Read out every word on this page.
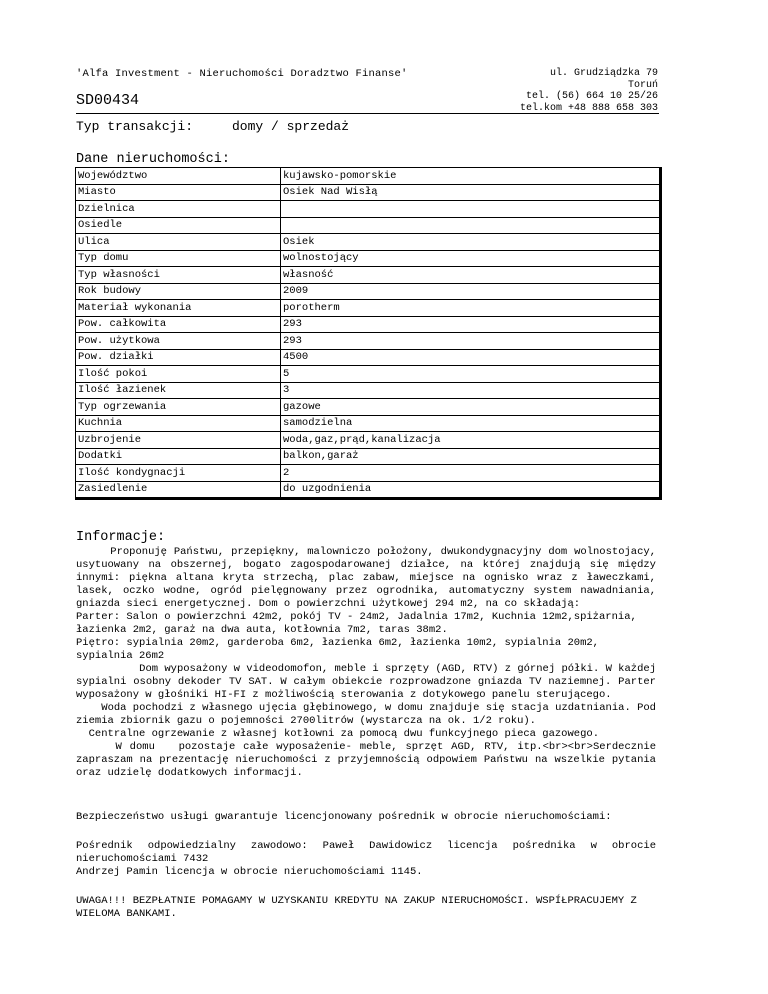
'Alfa Investment - Nieruchomości Doradztwo Finanse'	ul. Grudziądzka 79
Toruń
tel. (56) 664 10 25/26
tel.kom +48 888 658 303
SD00434
Typ transakcji:	domy / sprzedaż
Dane nieruchomości:
Województwo	kujawsko-pomorskie
Miasto	Osiek Nad Wisłą
Dzielnica	
Osiedle	
Ulica	Osiek
Typ domu	wolnostojący
Typ własności	własność
Rok budowy	2009
Materiał wykonania	porotherm
Pow. całkowita	293
Pow. użytkowa	293
Pow. działki	4500
Ilość pokoi	5
Ilość łazienek	3
Typ ogrzewania	gazowe
Kuchnia	samodzielna
Uzbrojenie	woda,gaz,prąd,kanalizacja
Dodatki	balkon,garaż
Ilość kondygnacji	2
Zasiedlenie	do uzgodnienia
Informacje:

Proponuję Państwu, przepiękny, malowniczo położony, dwukondygnacyjny dom wolnostojacy, usytuowany na obszernej, bogato zagospodarowanej działce, na której znajdują się między innymi: piękna altana kryta strzechą, plac zabaw, miejsce na ognisko wraz z ławeczkami, lasek, oczko wodne, ogród pielęgnowany przez ogrodnika, automatyczny system nawadniania, gniazda sieci energetycznej. Dom o powierzchni użytkowej 294 m2, na co składają:

Parter: Salon o powierzchni 42m2, pokój TV - 24m2, Jadalnia 17m2, Kuchnia 12m2,spiżarnia, łazienka 2m2, garaż na dwa auta, kotłownia 7m2, taras 38m2.

Piętro: sypialnia 20m2, garderoba 6m2, łazienka 6m2, łazienka 10m2, sypialnia 20m2, sypialnia 26m2

Dom wyposażony w videodomofon, meble i sprzęty (AGD, RTV) z górnej półki. W każdej sypialni osobny dekoder TV SAT. W całym obiekcie rozprowadzone gniazda TV naziemnej. Parter wyposażony w głośniki HI-FI z możliwością sterowania z dotykowego panelu sterującego.

Woda pochodzi z własnego ujęcia głębinowego, w domu znajduje się stacja uzdatniania. Pod ziemia zbiornik gazu o pojemności 2700litrów (wystarcza na ok. 1/2 roku).

Centralne ogrzewanie z własnej kotłowni za pomocą dwu funkcyjnego pieca gazowego.

W domu   pozostaje całe wyposażenie- meble, sprzęt AGD, RTV, itp.<br><br>Serdecznie zapraszam na prezentację nieruchomości z przyjemnością odpowiem Państwu na wszelkie pytania oraz udzielę dodatkowych informacji.

Bezpieczeństwo usługi gwarantuje licencjonowany pośrednik w obrocie nieruchomościami:

Pośrednik odpowiedzialny zawodowo: Paweł Dawidowicz licencja pośrednika w obrocie

nieruchomościami 7432

Andrzej Pamin licencja w obrocie nieruchomościami 1145.

UWAGA!!! BEZPŁATNIE POMAGAMY W UZYSKANIU KREDYTU NA ZAKUP NIERUCHOMOŚCI. WSPÍŁPRACUJEMY Z WIELOMA BANKAMI.
